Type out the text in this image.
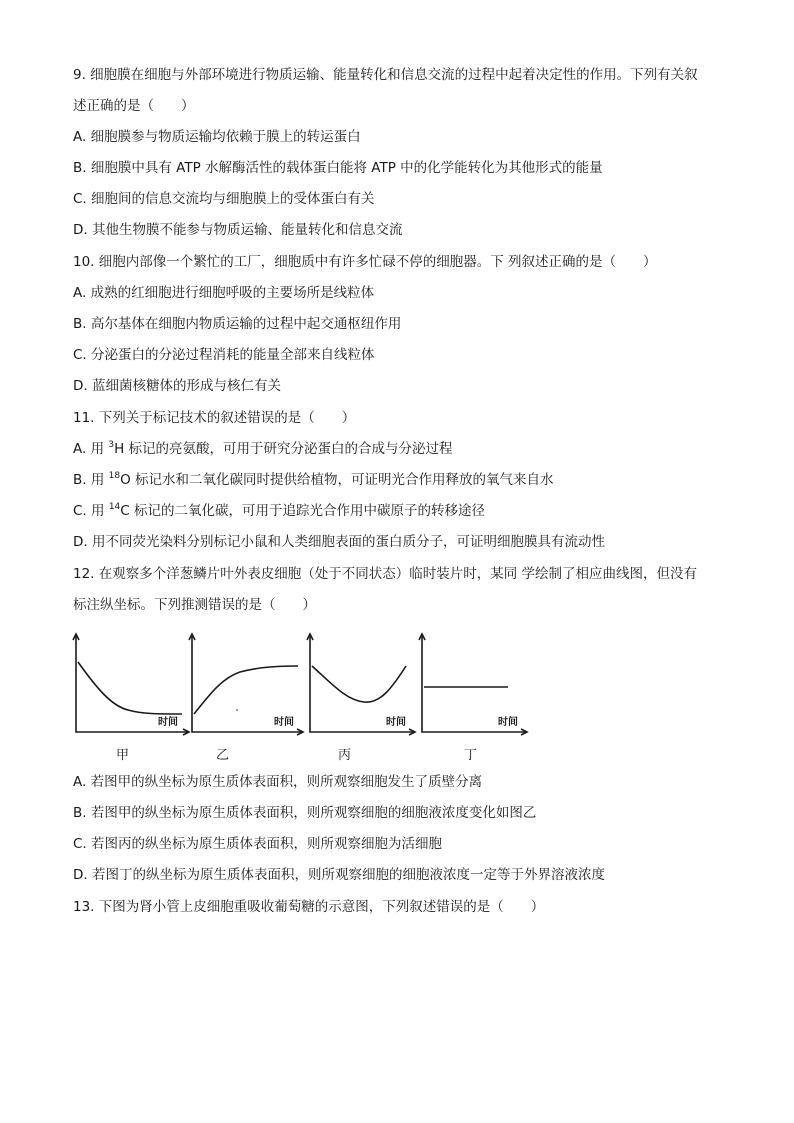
9. 细胞膜在细胞与外部环境进行物质运输、能量转化和信息交流的过程中起着决定性的作用。下列有关叙
述正确的是（　　）
A. 细胞膜参与物质运输均依赖于膜上的转运蛋白
B. 细胞膜中具有 ATP 水解酶活性的载体蛋白能将 ATP 中的化学能转化为其他形式的能量
C. 细胞间的信息交流均与细胞膜上的受体蛋白有关
D. 其他生物膜不能参与物质运输、能量转化和信息交流
10. 细胞内部像一个繁忙的工厂，细胞质中有许多忙碌不停的细胞器。下 列叙述正确的是（　　）
A. 成熟的红细胞进行细胞呼吸的主要场所是线粒体
B. 高尔基体在细胞内物质运输的过程中起交通枢纽作用
C. 分泌蛋白的分泌过程消耗的能量全部来自线粒体
D. 蓝细菌核糖体的形成与核仁有关
11. 下列关于标记技术的叙述错误的是（　　）
A. 用 $^3$H 标记的亮氨酸，可用于研究分泌蛋白的合成与分泌过程
B. 用 $^{18}$O 标记水和二氧化碳同时提供给植物，可证明光合作用释放的氧气来自水
C. 用 $^{14}$C 标记的二氧化碳，可用于追踪光合作用中碳原子的转移途径
D. 用不同荧光染料分别标记小鼠和人类细胞表面的蛋白质分子，可证明细胞膜具有流动性
12. 在观察多个洋葱鳞片叶外表皮细胞（处于不同状态）临时装片时，某同 学绘制了相应曲线图，但没有
标注纵坐标。下列推测错误的是（　　）
时间	时间	时间	时间
甲	乙	丙	丁
A. 若图甲的纵坐标为原生质体表面积，则所观察细胞发生了质壁分离
B. 若图甲的纵坐标为原生质体表面积，则所观察细胞的细胞液浓度变化如图乙
C. 若图丙的纵坐标为原生质体表面积，则所观察细胞为活细胞
D. 若图丁的纵坐标为原生质体表面积，则所观察细胞的细胞液浓度一定等于外界溶液浓度
13. 下图为肾小管上皮细胞重吸收葡萄糖的示意图，下列叙述错误的是（　　）
